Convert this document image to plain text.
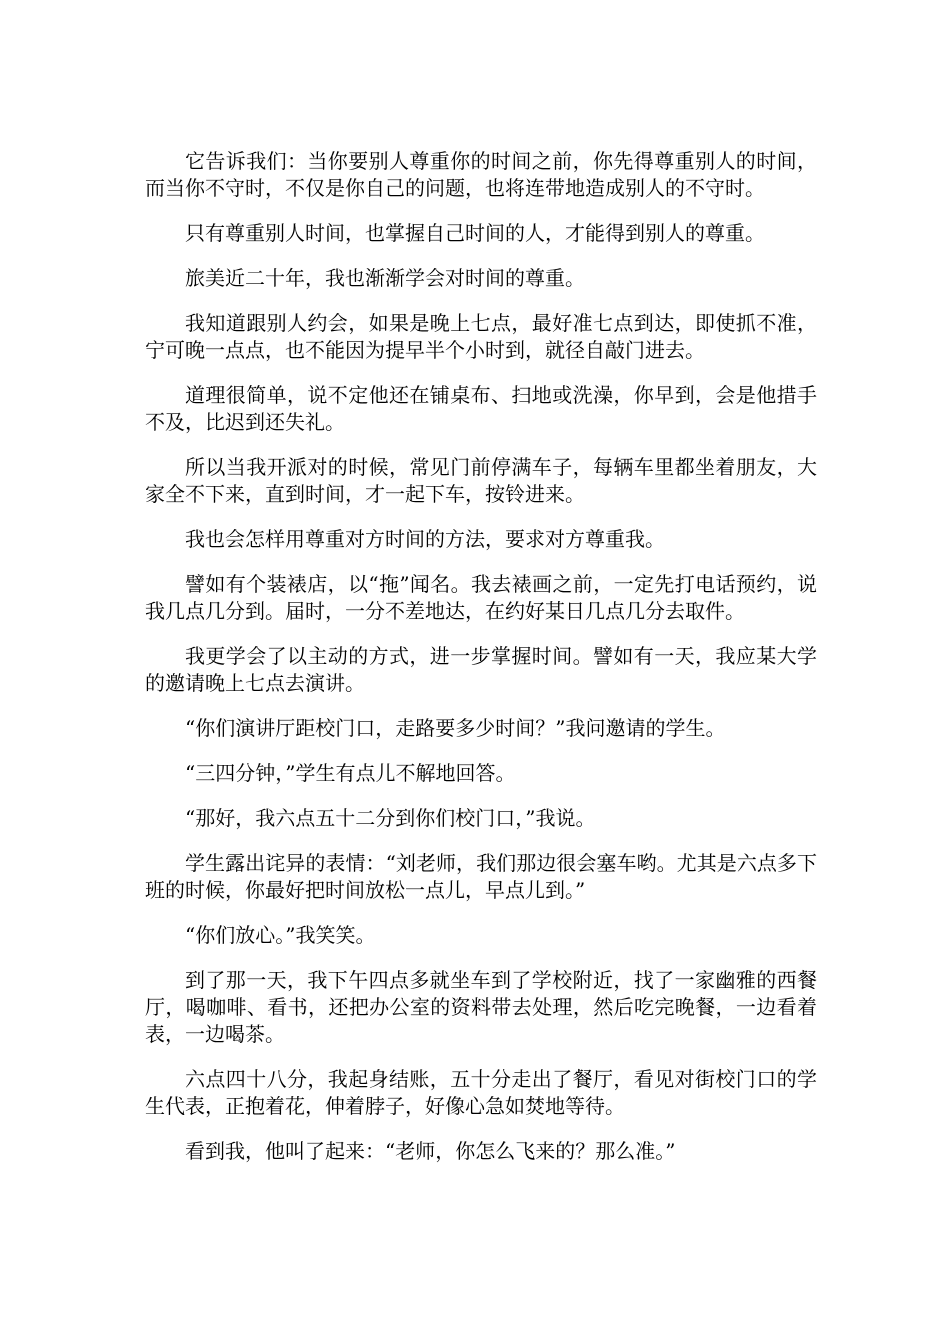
它告诉我们：当你要别人尊重你的时间之前，你先得尊重别人的时间，而当你不守时，不仅是你自己的问题，也将连带地造成别人的不守时。

只有尊重别人时间，也掌握自己时间的人，才能得到别人的尊重。

旅美近二十年，我也渐渐学会对时间的尊重。

我知道跟别人约会，如果是晚上七点，最好准七点到达，即使抓不准，宁可晚一点点，也不能因为提早半个小时到，就径自敲门进去。

道理很简单，说不定他还在铺桌布、扫地或洗澡，你早到，会是他措手不及，比迟到还失礼。

所以当我开派对的时候，常见门前停满车子，每辆车里都坐着朋友，大家全不下来，直到时间，才一起下车，按铃进来。

我也会怎样用尊重对方时间的方法，要求对方尊重我。

譬如有个装裱店，以“拖”闻名。我去裱画之前，一定先打电话预约，说我几点几分到。届时，一分不差地达，在约好某日几点几分去取件。

我更学会了以主动的方式，进一步掌握时间。譬如有一天，我应某大学的邀请晚上七点去演讲。

“你们演讲厅距校门口，走路要多少时间？”我问邀请的学生。

“三四分钟，”学生有点儿不解地回答。

“那好，我六点五十二分到你们校门口，”我说。

学生露出诧异的表情：“刘老师，我们那边很会塞车哟。尤其是六点多下班的时候，你最好把时间放松一点儿，早点儿到。”

“你们放心。”我笑笑。

到了那一天，我下午四点多就坐车到了学校附近，找了一家幽雅的西餐厅，喝咖啡、看书，还把办公室的资料带去处理，然后吃完晚餐，一边看着表，一边喝茶。

六点四十八分，我起身结账，五十分走出了餐厅，看见对街校门口的学生代表，正抱着花，伸着脖子，好像心急如焚地等待。

看到我，他叫了起来：“老师，你怎么飞来的？那么准。”
